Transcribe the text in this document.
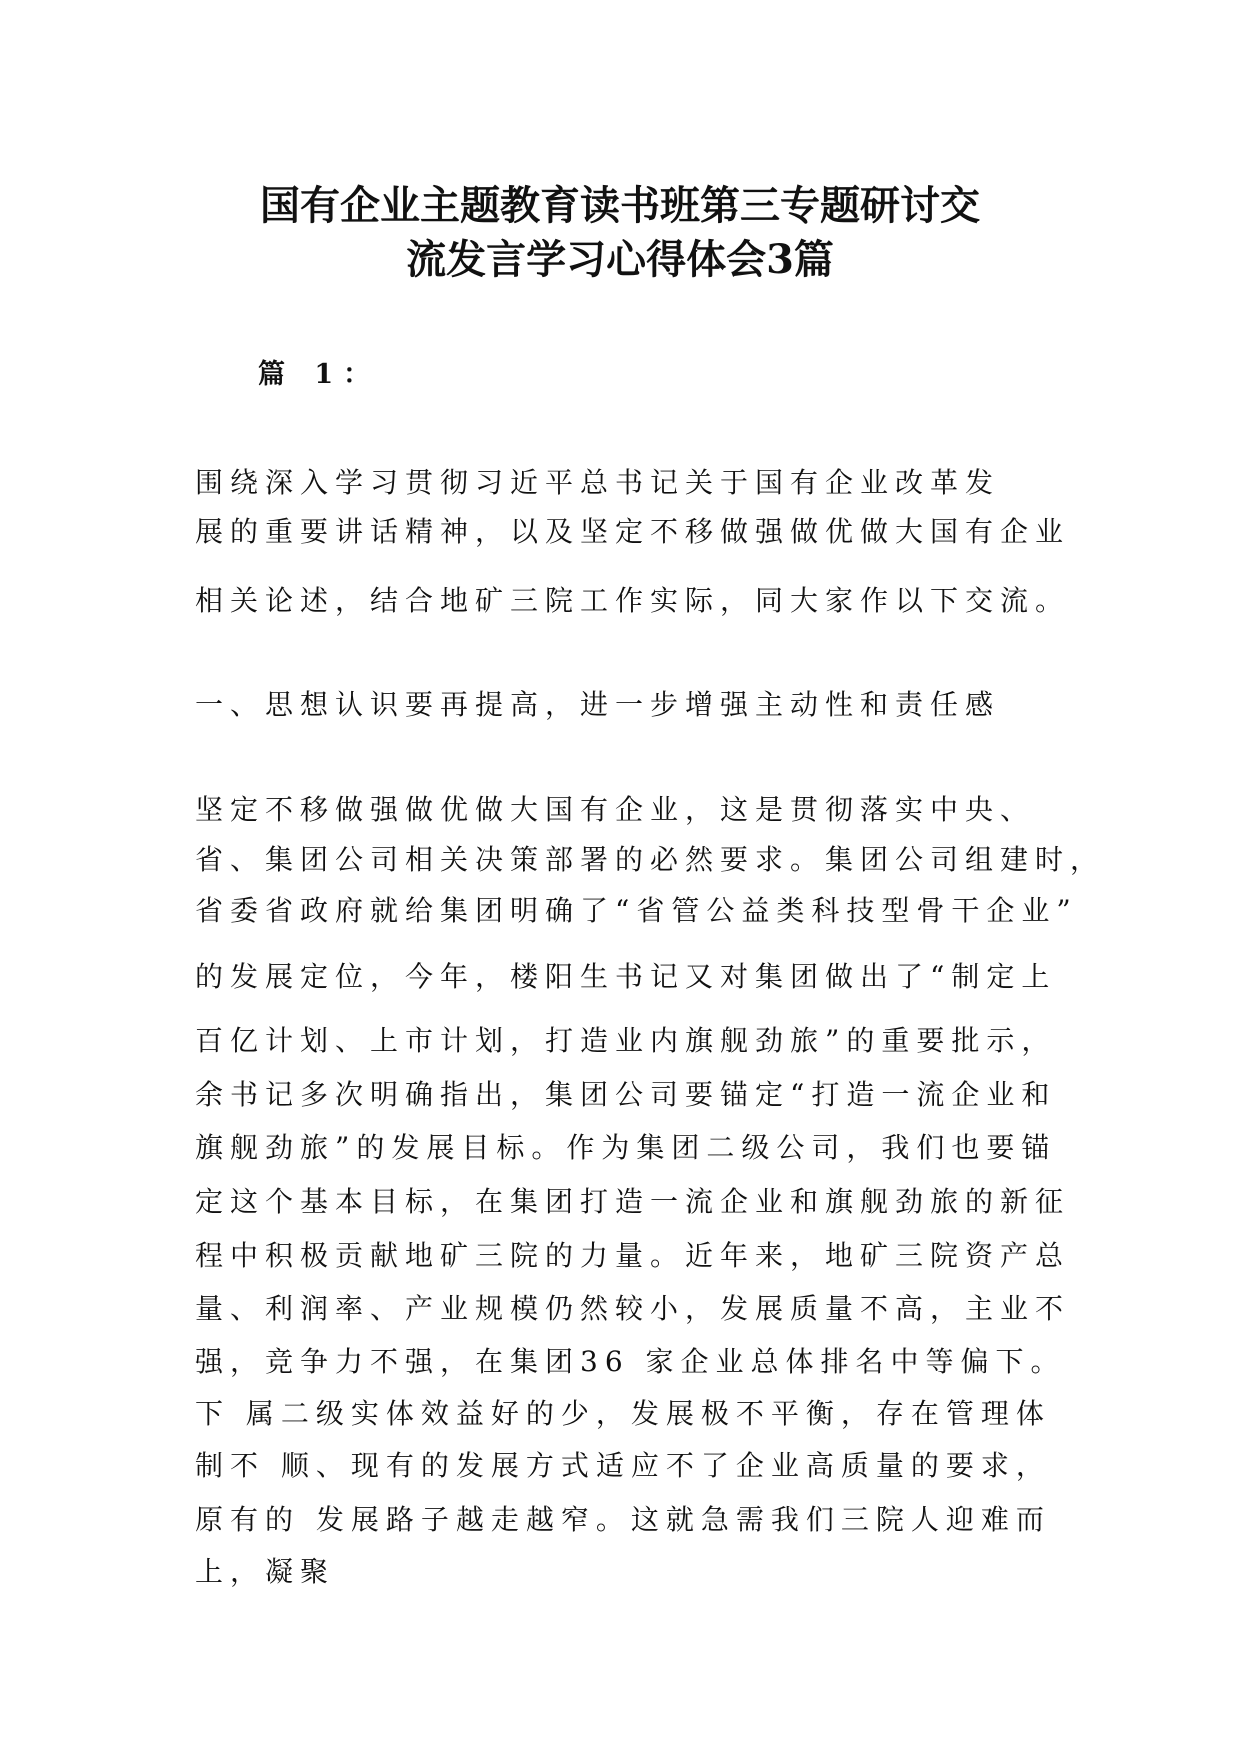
国有企业主题教育读书班第三专题研讨交
流发言学习心得体会3篇
篇 1：
围绕深入学习贯彻习近平总书记关于国有企业改革发
展的重要讲话精神，以及坚定不移做强做优做大国有企业
相关论述，结合地矿三院工作实际，同大家作以下交流。
一、思想认识要再提高，进一步增强主动性和责任感
坚定不移做强做优做大国有企业，这是贯彻落实中央、
省、集团公司相关决策部署的必然要求。集团公司组建时，
省委省政府就给集团明确了“省管公益类科技型骨干企业”
的发展定位，今年，楼阳生书记又对集团做出了“制定上
百亿计划、上市计划，打造业内旗舰劲旅”的重要批示，
余书记多次明确指出，集团公司要锚定“打造一流企业和
旗舰劲旅”的发展目标。作为集团二级公司，我们也要锚
定这个基本目标，在集团打造一流企业和旗舰劲旅的新征
程中积极贡献地矿三院的力量。近年来，地矿三院资产总
量、利润率、产业规模仍然较小，发展质量不高，主业不
强，竞争力不强，在集团36 家企业总体排名中等偏下。
下 属二级实体效益好的少，发展极不平衡，存在管理体
制不 顺、现有的发展方式适应不了企业高质量的要求，
原有的 发展路子越走越窄。这就急需我们三院人迎难而
上，凝聚
